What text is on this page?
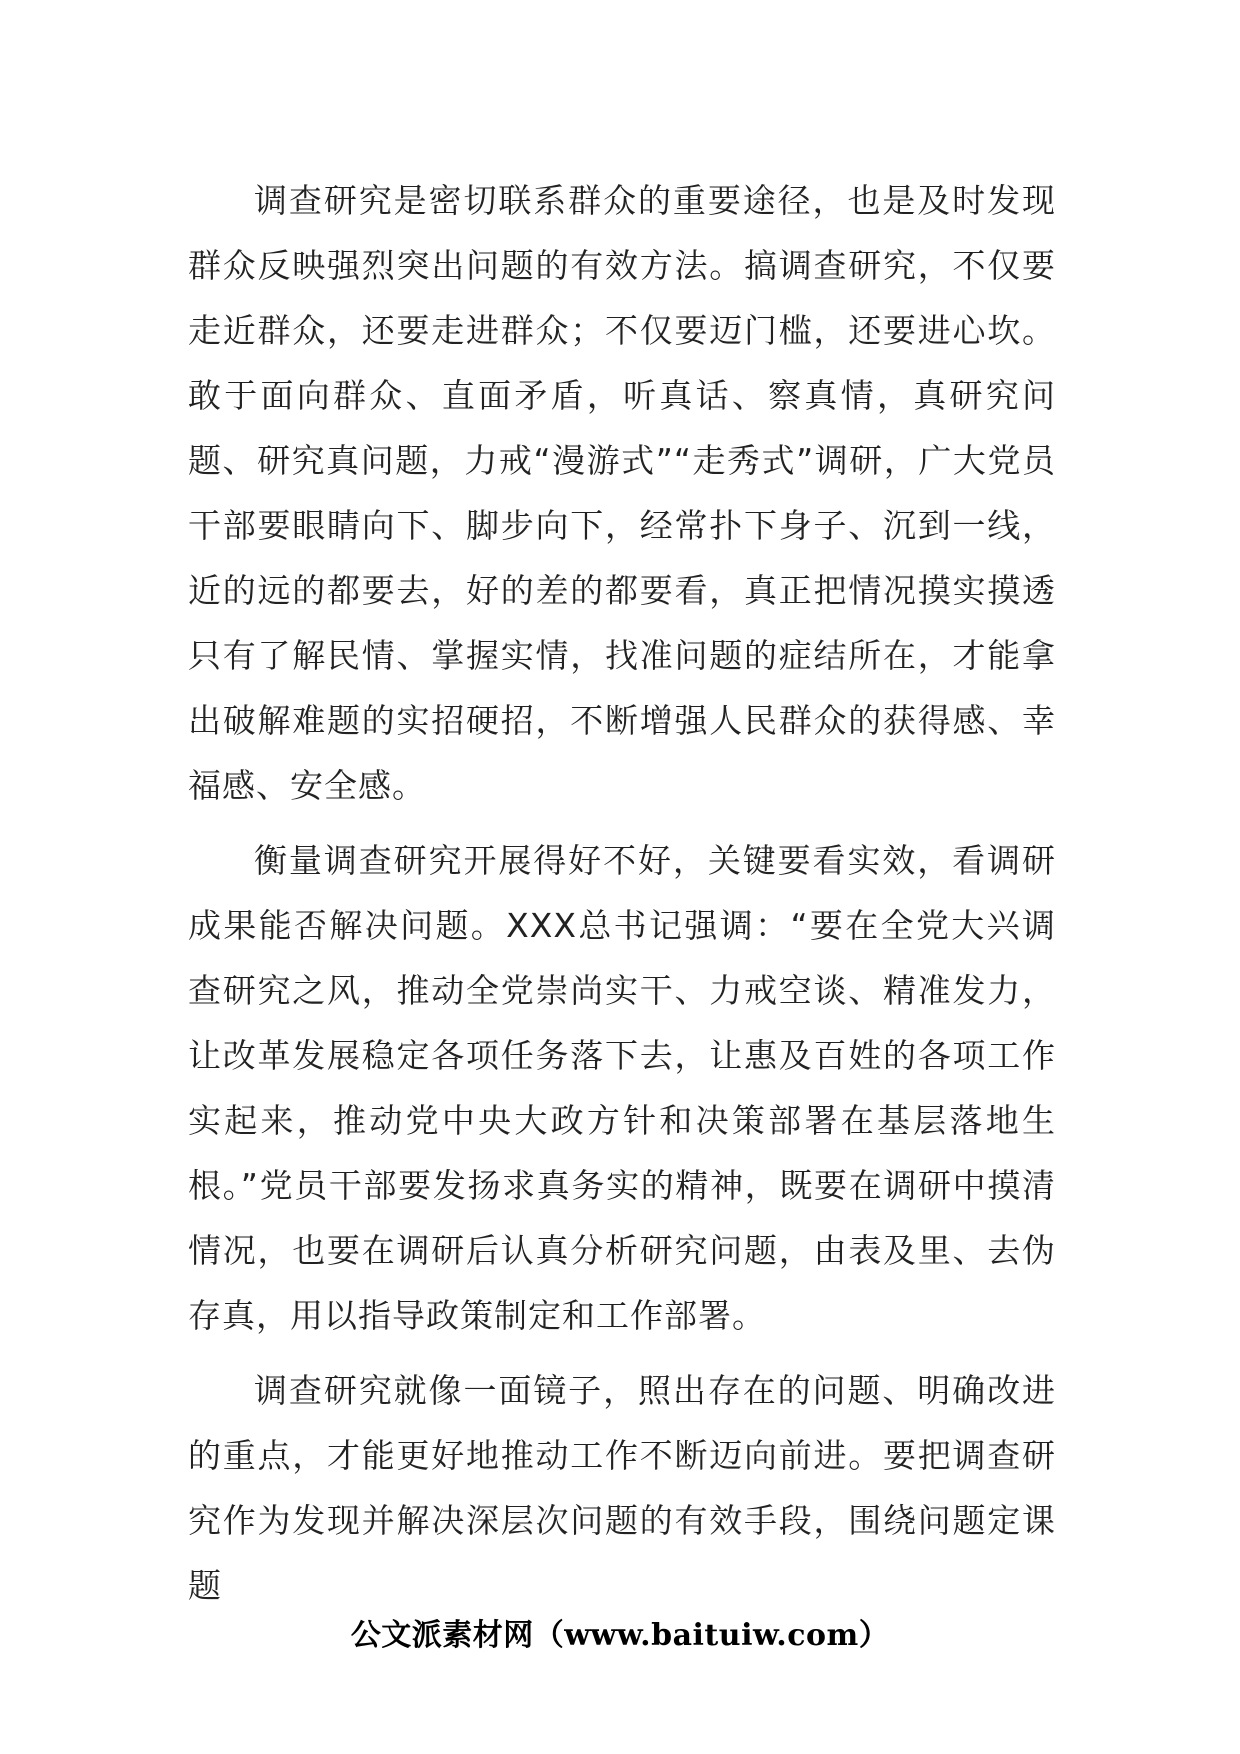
调查研究是密切联系群众的重要途径，也是及时发现群众反映强烈突出问题的有效方法。搞调查研究，不仅要走近群众，还要走进群众；不仅要迈门槛，还要进心坎。敢于面向群众、直面矛盾，听真话、察真情，真研究问题、研究真问题，力戒“漫游式”“走秀式”调研，广大党员干部要眼睛向下、脚步向下，经常扑下身子、沉到一线，近的远的都要去，好的差的都要看，真正把情况摸实摸透只有了解民情、掌握实情，找准问题的症结所在，才能拿出破解难题的实招硬招，不断增强人民群众的获得感、幸福感、安全感。

衡量调查研究开展得好不好，关键要看实效，看调研成果能否解决问题。XXX总书记强调：“要在全党大兴调查研究之风，推动全党崇尚实干、力戒空谈、精准发力，让改革发展稳定各项任务落下去，让惠及百姓的各项工作实起来，推动党中央大政方针和决策部署在基层落地生根。”党员干部要发扬求真务实的精神，既要在调研中摸清情况，也要在调研后认真分析研究问题，由表及里、去伪存真，用以指导政策制定和工作部署。

调查研究就像一面镜子，照出存在的问题、明确改进的重点，才能更好地推动工作不断迈向前进。要把调查研究作为发现并解决深层次问题的有效手段，围绕问题定课题

公文派素材网（www.baituiw.com）
